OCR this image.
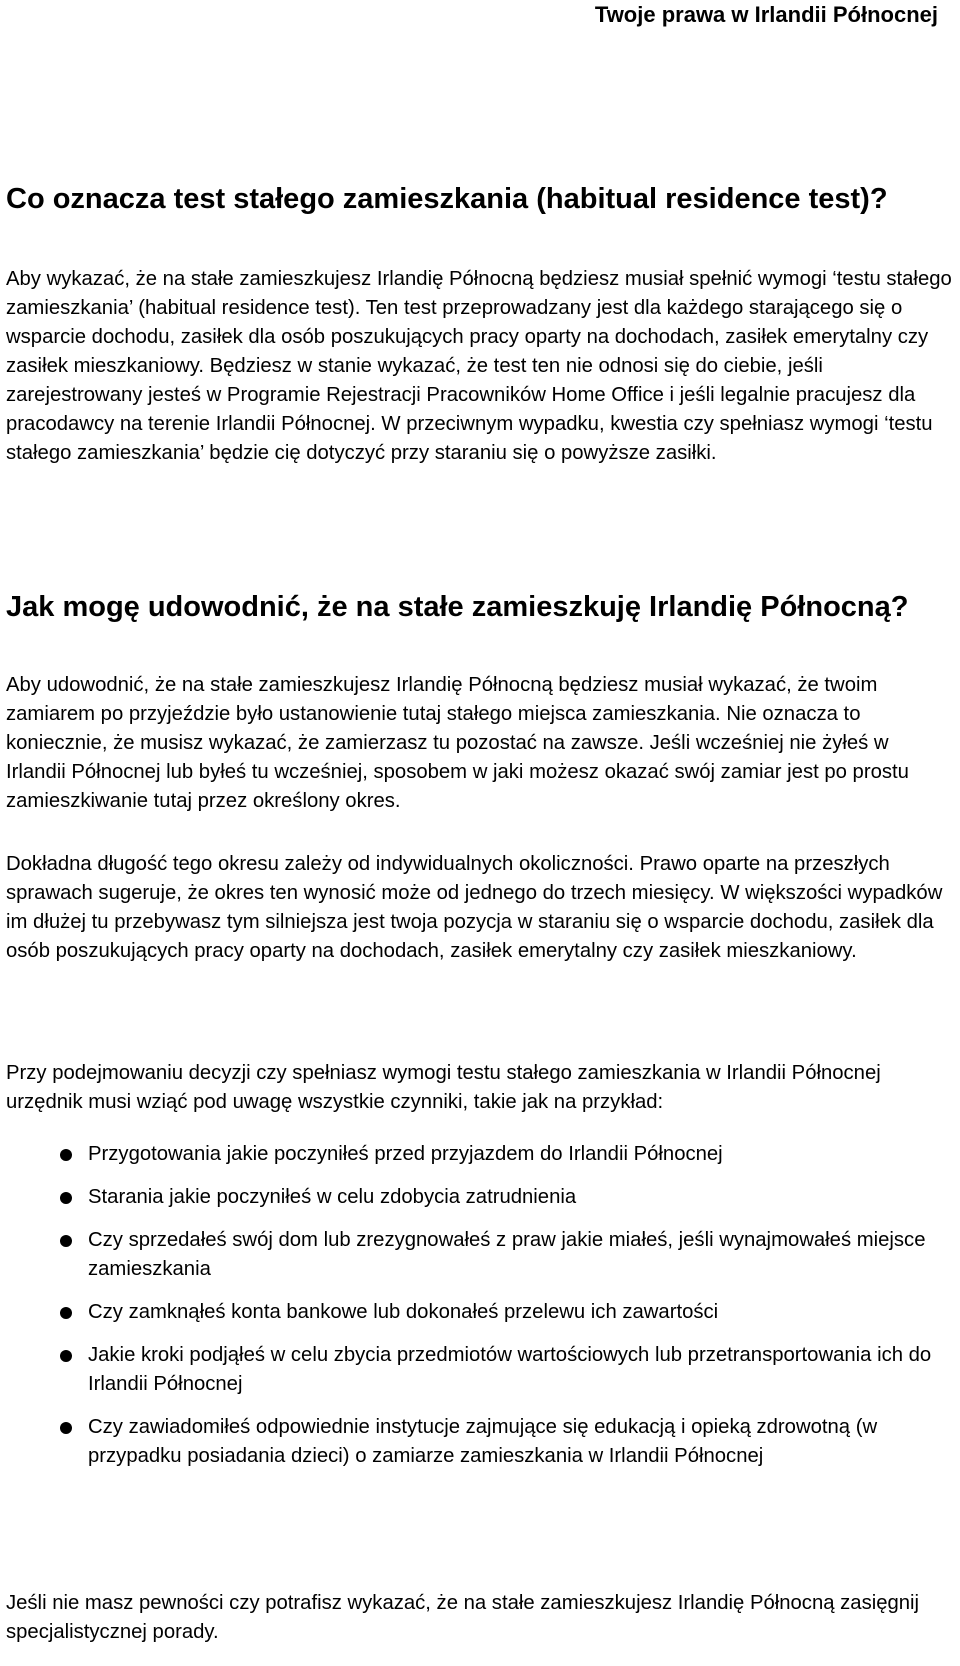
Twoje prawa w Irlandii Północnej
Co oznacza test stałego zamieszkania (habitual residence test)?

Aby wykazać, że na stałe zamieszkujesz Irlandię Północną będziesz musiał spełnić wymogi ‘testu stałego zamieszkania’ (habitual residence test). Ten test przeprowadzany jest dla każdego starającego się o wsparcie dochodu, zasiłek dla osób poszukujących pracy oparty na dochodach, zasiłek emerytalny czy zasiłek mieszkaniowy. Będziesz w stanie wykazać, że test ten nie odnosi się do ciebie, jeśli zarejestrowany jesteś w Programie Rejestracji Pracowników Home Office i jeśli legalnie pracujesz dla pracodawcy na terenie Irlandii Północnej. W przeciwnym wypadku, kwestia czy spełniasz wymogi ‘testu stałego zamieszkania’ będzie cię dotyczyć przy staraniu się o powyższe zasiłki.

Jak mogę udowodnić, że na stałe zamieszkuję Irlandię Północną?

Aby udowodnić, że na stałe zamieszkujesz Irlandię Północną będziesz musiał wykazać, że twoim zamiarem po przyjeździe było ustanowienie tutaj stałego miejsca zamieszkania. Nie oznacza to koniecznie, że musisz wykazać, że zamierzasz tu pozostać na zawsze. Jeśli wcześniej nie żyłeś w Irlandii Północnej lub byłeś tu wcześniej, sposobem w jaki możesz okazać swój zamiar jest po prostu zamieszkiwanie tutaj przez określony okres.

Dokładna długość tego okresu zależy od indywidualnych okoliczności. Prawo oparte na przeszłych sprawach sugeruje, że okres ten wynosić może od jednego do trzech miesięcy. W większości wypadków im dłużej tu przebywasz tym silniejsza jest twoja pozycja w staraniu się o wsparcie dochodu, zasiłek dla osób poszukujących pracy oparty na dochodach, zasiłek emerytalny czy zasiłek mieszkaniowy.

Przy podejmowaniu decyzji czy spełniasz wymogi testu stałego zamieszkania w Irlandii Północnej urzędnik musi wziąć pod uwagę wszystkie czynniki, takie jak na przykład:

Przygotowania jakie poczyniłeś przed przyjazdem do Irlandii Północnej
Starania jakie poczyniłeś w celu zdobycia zatrudnienia
Czy sprzedałeś swój dom lub zrezygnowałeś z praw jakie miałeś, jeśli wynajmowałeś miejsce zamieszkania
Czy zamknąłeś konta bankowe lub dokonałeś przelewu ich zawartości
Jakie kroki podjąłeś w celu zbycia przedmiotów wartościowych lub przetransportowania ich do Irlandii Północnej
Czy zawiadomiłeś odpowiednie instytucje zajmujące się edukacją i opieką zdrowotną (w przypadku posiadania dzieci) o zamiarze zamieszkania w Irlandii Północnej

Jeśli nie masz pewności czy potrafisz wykazać, że na stałe zamieszkujesz Irlandię Północną zasięgnij specjalistycznej porady.
